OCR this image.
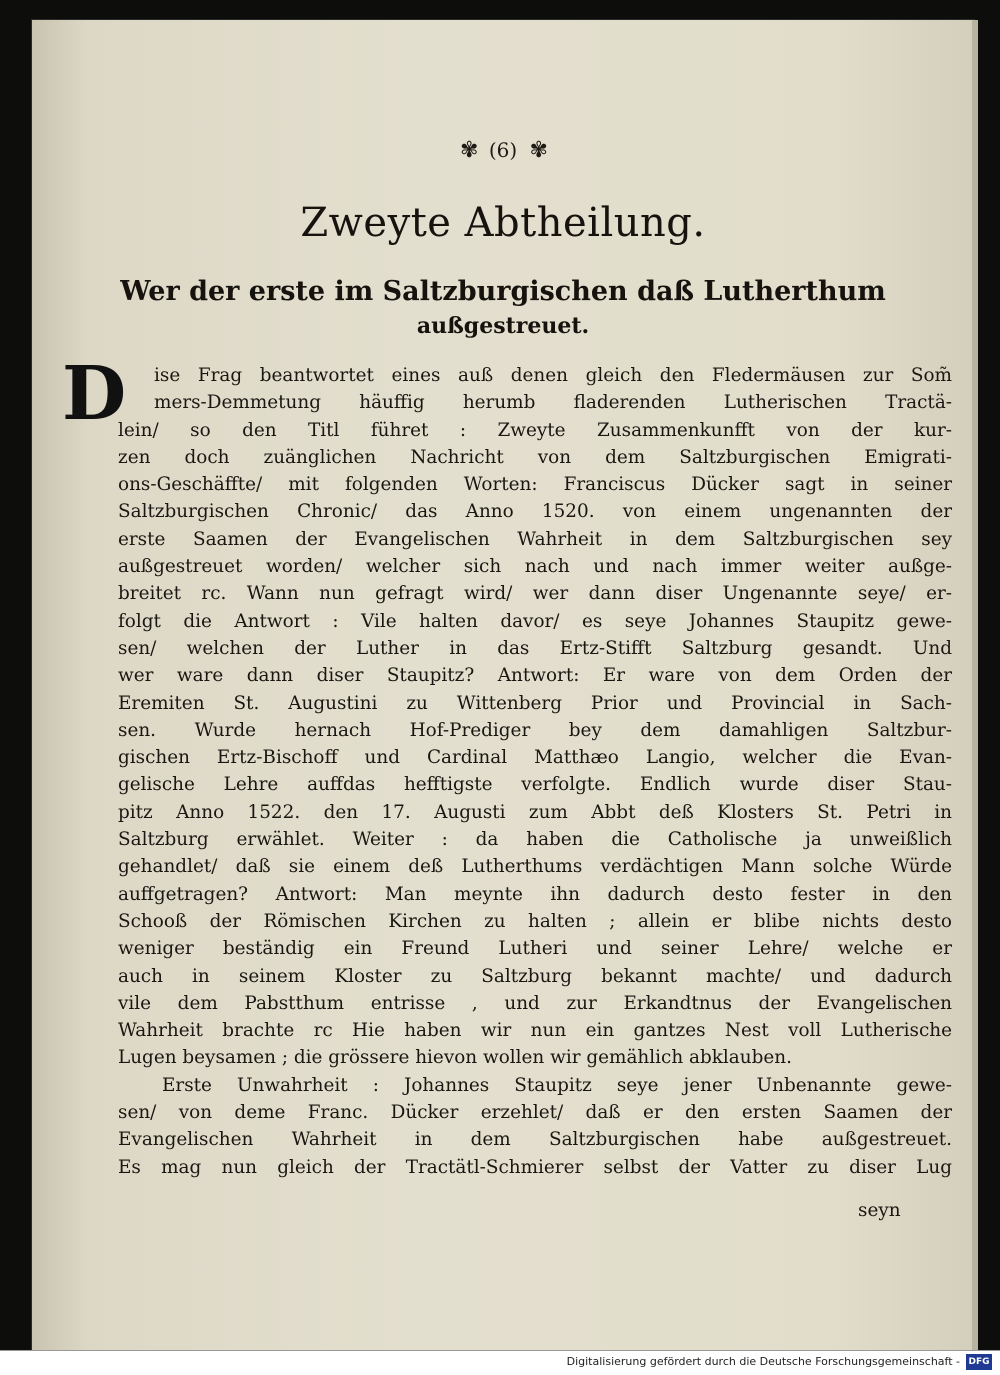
✾ (6) ✾
Zweyte Abtheilung.
Wer der erste im Saltzburgischen daß Lutherthum
außgestreuet.
D	ise Frag beantwortet eines auß denen gleich den Fledermäusen zur Som̃
mers-Demmetung häuffig herumb fladerenden Lutherischen Tractä-
lein/ so den Titl führet : Zweyte Zusammenkunfft von der kur-
zen doch zuänglichen Nachricht von dem Saltzburgischen Emigrati-
ons-Geschäffte/ mit folgenden Worten: Franciscus Dücker sagt in seiner
Saltzburgischen Chronic/ das Anno 1520. von einem ungenannten der
erste Saamen der Evangelischen Wahrheit in dem Saltzburgischen sey
außgestreuet worden/ welcher sich nach und nach immer weiter außge-
breitet rc. Wann nun gefragt wird/ wer dann diser Ungenannte seye/ er-
folgt die Antwort : Vile halten davor/ es seye Johannes Staupitz gewe-
sen/ welchen der Luther in das Ertz-Stifft Saltzburg gesandt. Und
wer ware dann diser Staupitz? Antwort: Er ware von dem Orden der
Eremiten St. Augustini zu Wittenberg Prior und Provincial in Sach-
sen. Wurde hernach Hof-Prediger bey dem damahligen Saltzbur-
gischen Ertz-Bischoff und Cardinal Matthæo Langio, welcher die Evan-
gelische Lehre auffdas hefftigste verfolgte. Endlich wurde diser Stau-
pitz Anno 1522. den 17. Augusti zum Abbt deß Klosters St. Petri in
Saltzburg erwählet. Weiter : da haben die Catholische ja unweißlich
gehandlet/ daß sie einem deß Lutherthums verdächtigen Mann solche Würde
auffgetragen? Antwort: Man meynte ihn dadurch desto fester in den
Schooß der Römischen Kirchen zu halten ; allein er blibe nichts desto
weniger beständig ein Freund Lutheri und seiner Lehre/ welche er
auch in seinem Kloster zu Saltzburg bekannt machte/ und dadurch
vile dem Pabstthum entrisse , und zur Erkandtnus der Evangelischen
Wahrheit brachte rc Hie haben wir nun ein gantzes Nest voll Lutherische
Lugen beysamen ; die grössere hievon wollen wir gemählich abklauben.
Erste Unwahrheit : Johannes Staupitz seye jener Unbenannte gewe-
sen/ von deme Franc. Dücker erzehlet/ daß er den ersten Saamen der
Evangelischen Wahrheit in dem Saltzburgischen habe außgestreuet.
Es mag nun gleich der Tractätl-Schmierer selbst der Vatter zu diser Lug
seyn
Digitalisierung gefördert durch die Deutsche Forschungsgemeinschaft - DFG
